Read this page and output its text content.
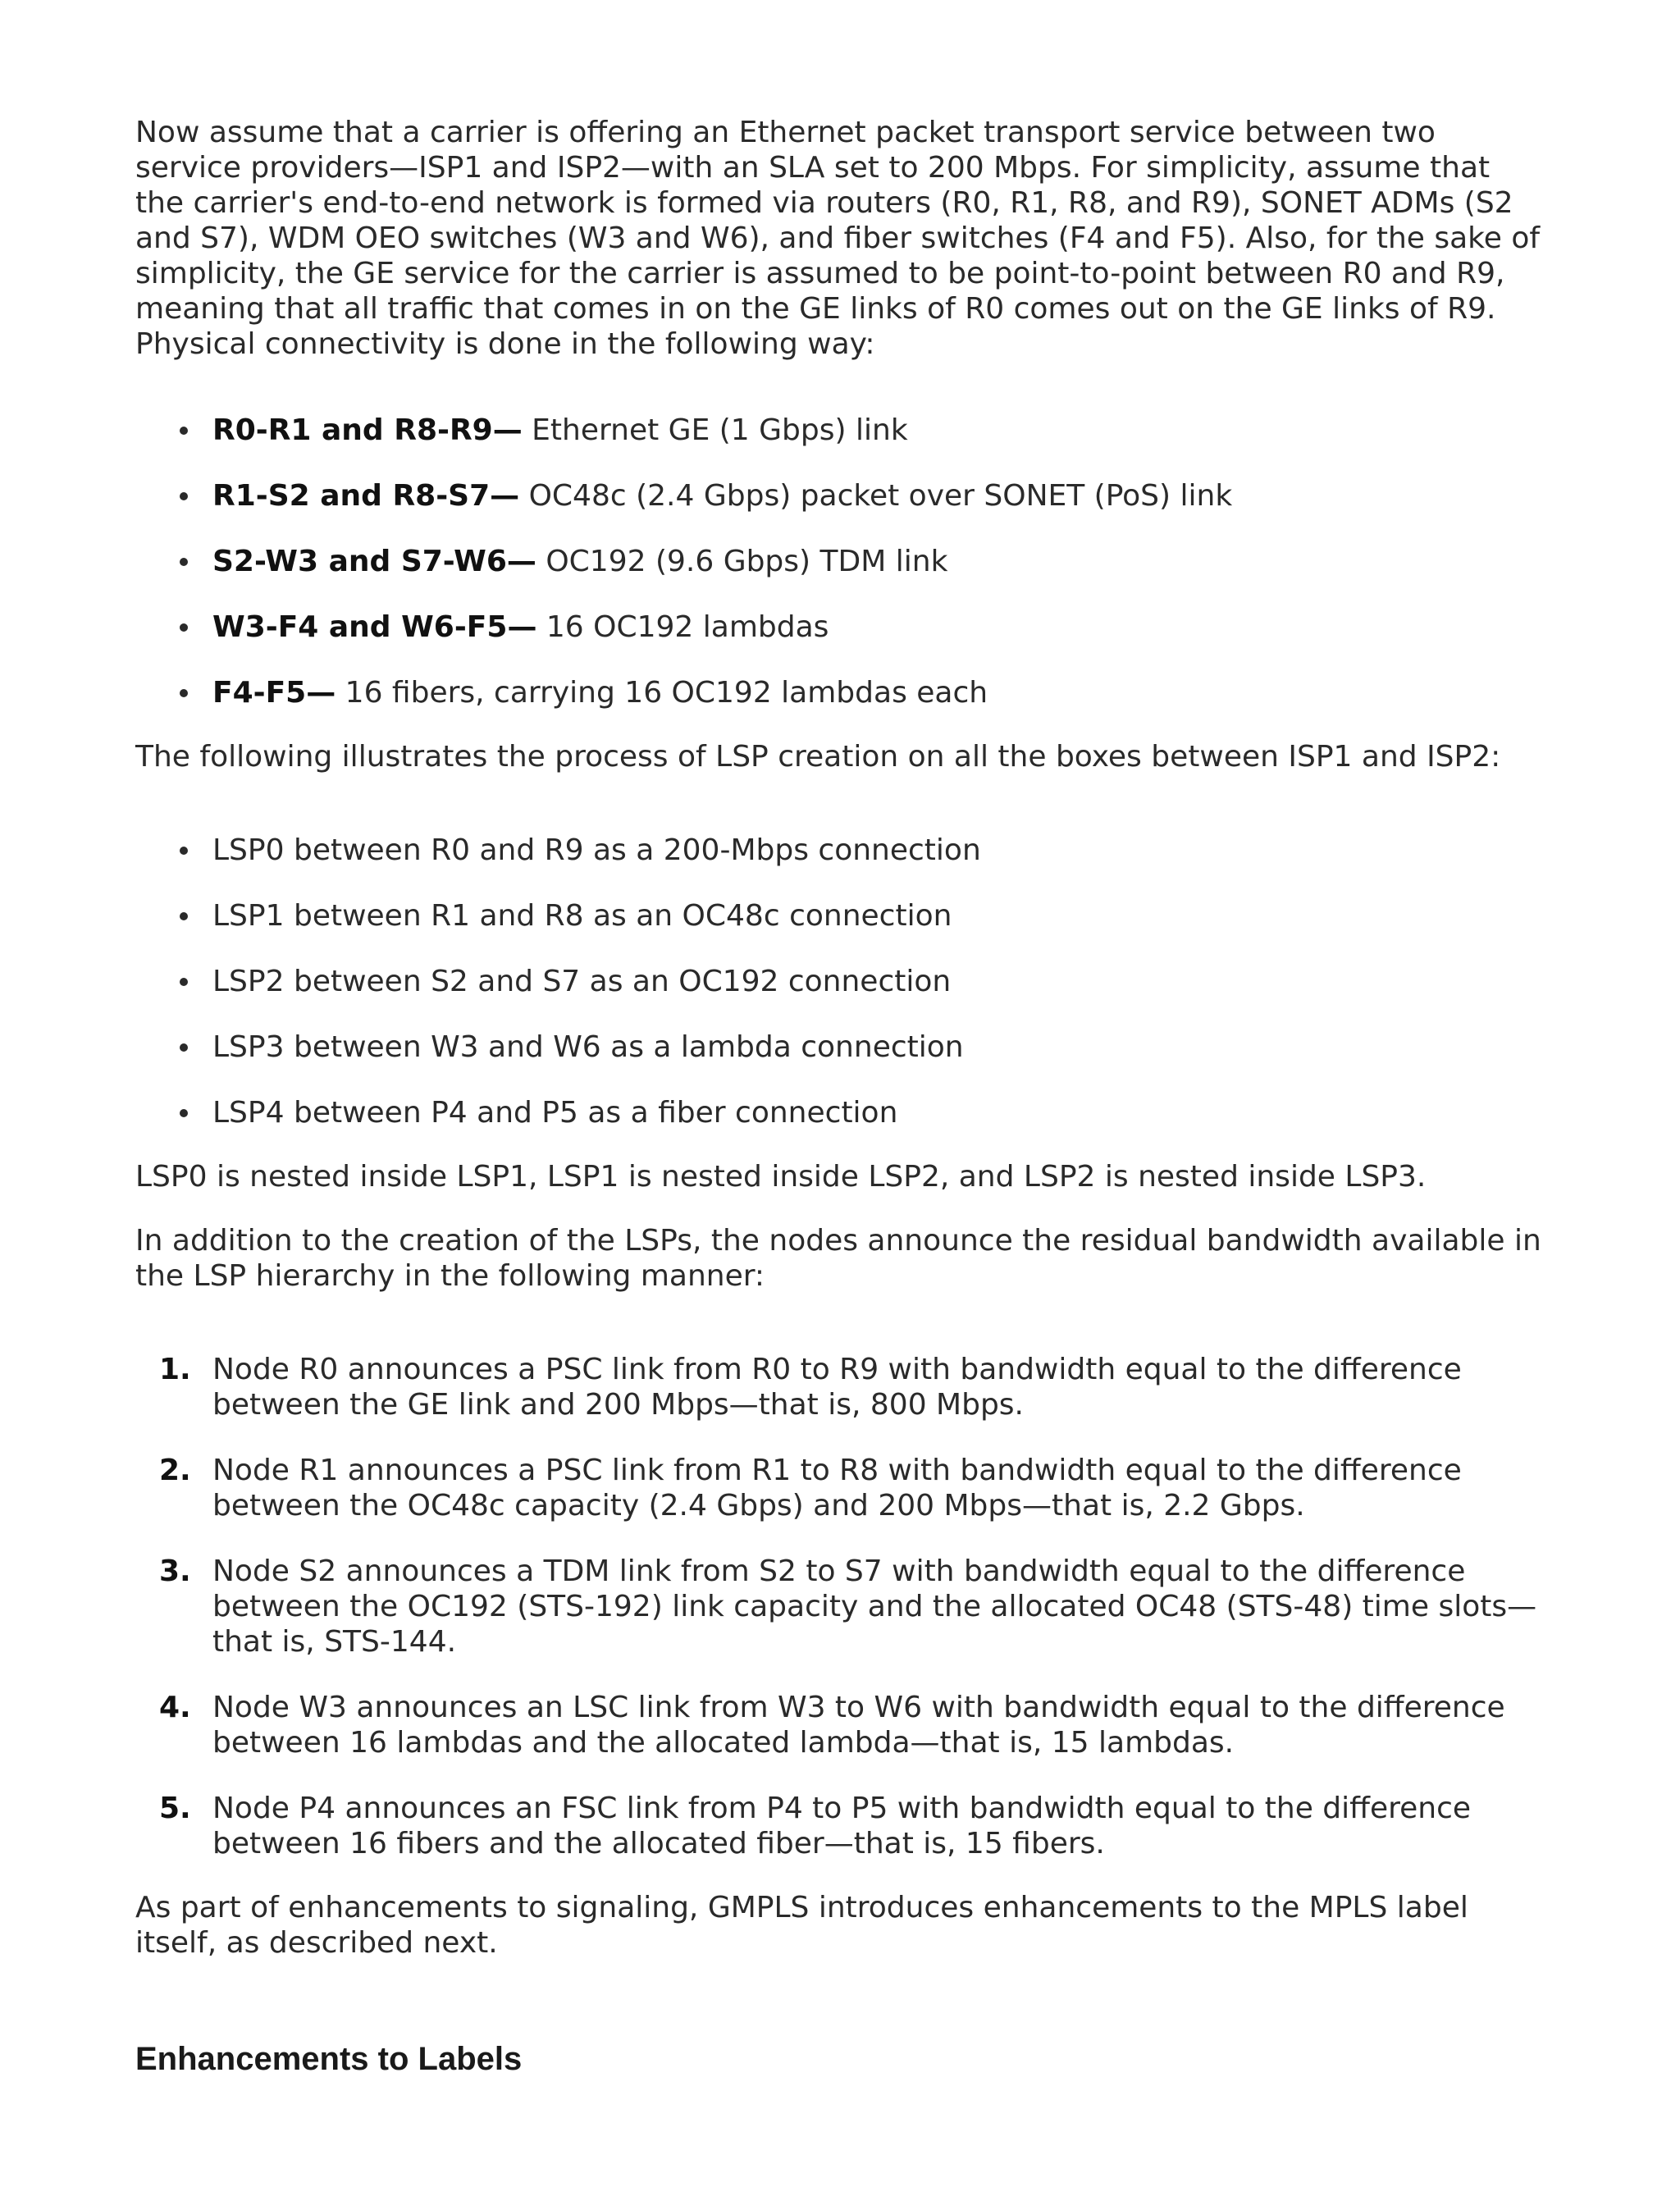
Now assume that a carrier is offering an Ethernet packet transport service between two service providers—ISP1 and ISP2—with an SLA set to 200 Mbps. For simplicity, assume that the carrier's end-to-end network is formed via routers (R0, R1, R8, and R9), SONET ADMs (S2 and S7), WDM OEO switches (W3 and W6), and fiber switches (F4 and F5). Also, for the sake of simplicity, the GE service for the carrier is assumed to be point-to-point between R0 and R9, meaning that all traffic that comes in on the GE links of R0 comes out on the GE links of R9. Physical connectivity is done in the following way:

R0-R1 and R8-R9— Ethernet GE (1 Gbps) link
R1-S2 and R8-S7— OC48c (2.4 Gbps) packet over SONET (PoS) link
S2-W3 and S7-W6— OC192 (9.6 Gbps) TDM link
W3-F4 and W6-F5— 16 OC192 lambdas
F4-F5— 16 fibers, carrying 16 OC192 lambdas each

The following illustrates the process of LSP creation on all the boxes between ISP1 and ISP2:

LSP0 between R0 and R9 as a 200-Mbps connection
LSP1 between R1 and R8 as an OC48c connection
LSP2 between S2 and S7 as an OC192 connection
LSP3 between W3 and W6 as a lambda connection
LSP4 between P4 and P5 as a fiber connection

LSP0 is nested inside LSP1, LSP1 is nested inside LSP2, and LSP2 is nested inside LSP3.

In addition to the creation of the LSPs, the nodes announce the residual bandwidth available in the LSP hierarchy in the following manner:

1. Node R0 announces a PSC link from R0 to R9 with bandwidth equal to the difference between the GE link and 200 Mbps—that is, 800 Mbps.
2. Node R1 announces a PSC link from R1 to R8 with bandwidth equal to the difference between the OC48c capacity (2.4 Gbps) and 200 Mbps—that is, 2.2 Gbps.
3. Node S2 announces a TDM link from S2 to S7 with bandwidth equal to the difference between the OC192 (STS-192) link capacity and the allocated OC48 (STS-48) time slots—that is, STS-144.
4. Node W3 announces an LSC link from W3 to W6 with bandwidth equal to the difference between 16 lambdas and the allocated lambda—that is, 15 lambdas.
5. Node P4 announces an FSC link from P4 to P5 with bandwidth equal to the difference between 16 fibers and the allocated fiber—that is, 15 fibers.

As part of enhancements to signaling, GMPLS introduces enhancements to the MPLS label itself, as described next.

Enhancements to Labels
